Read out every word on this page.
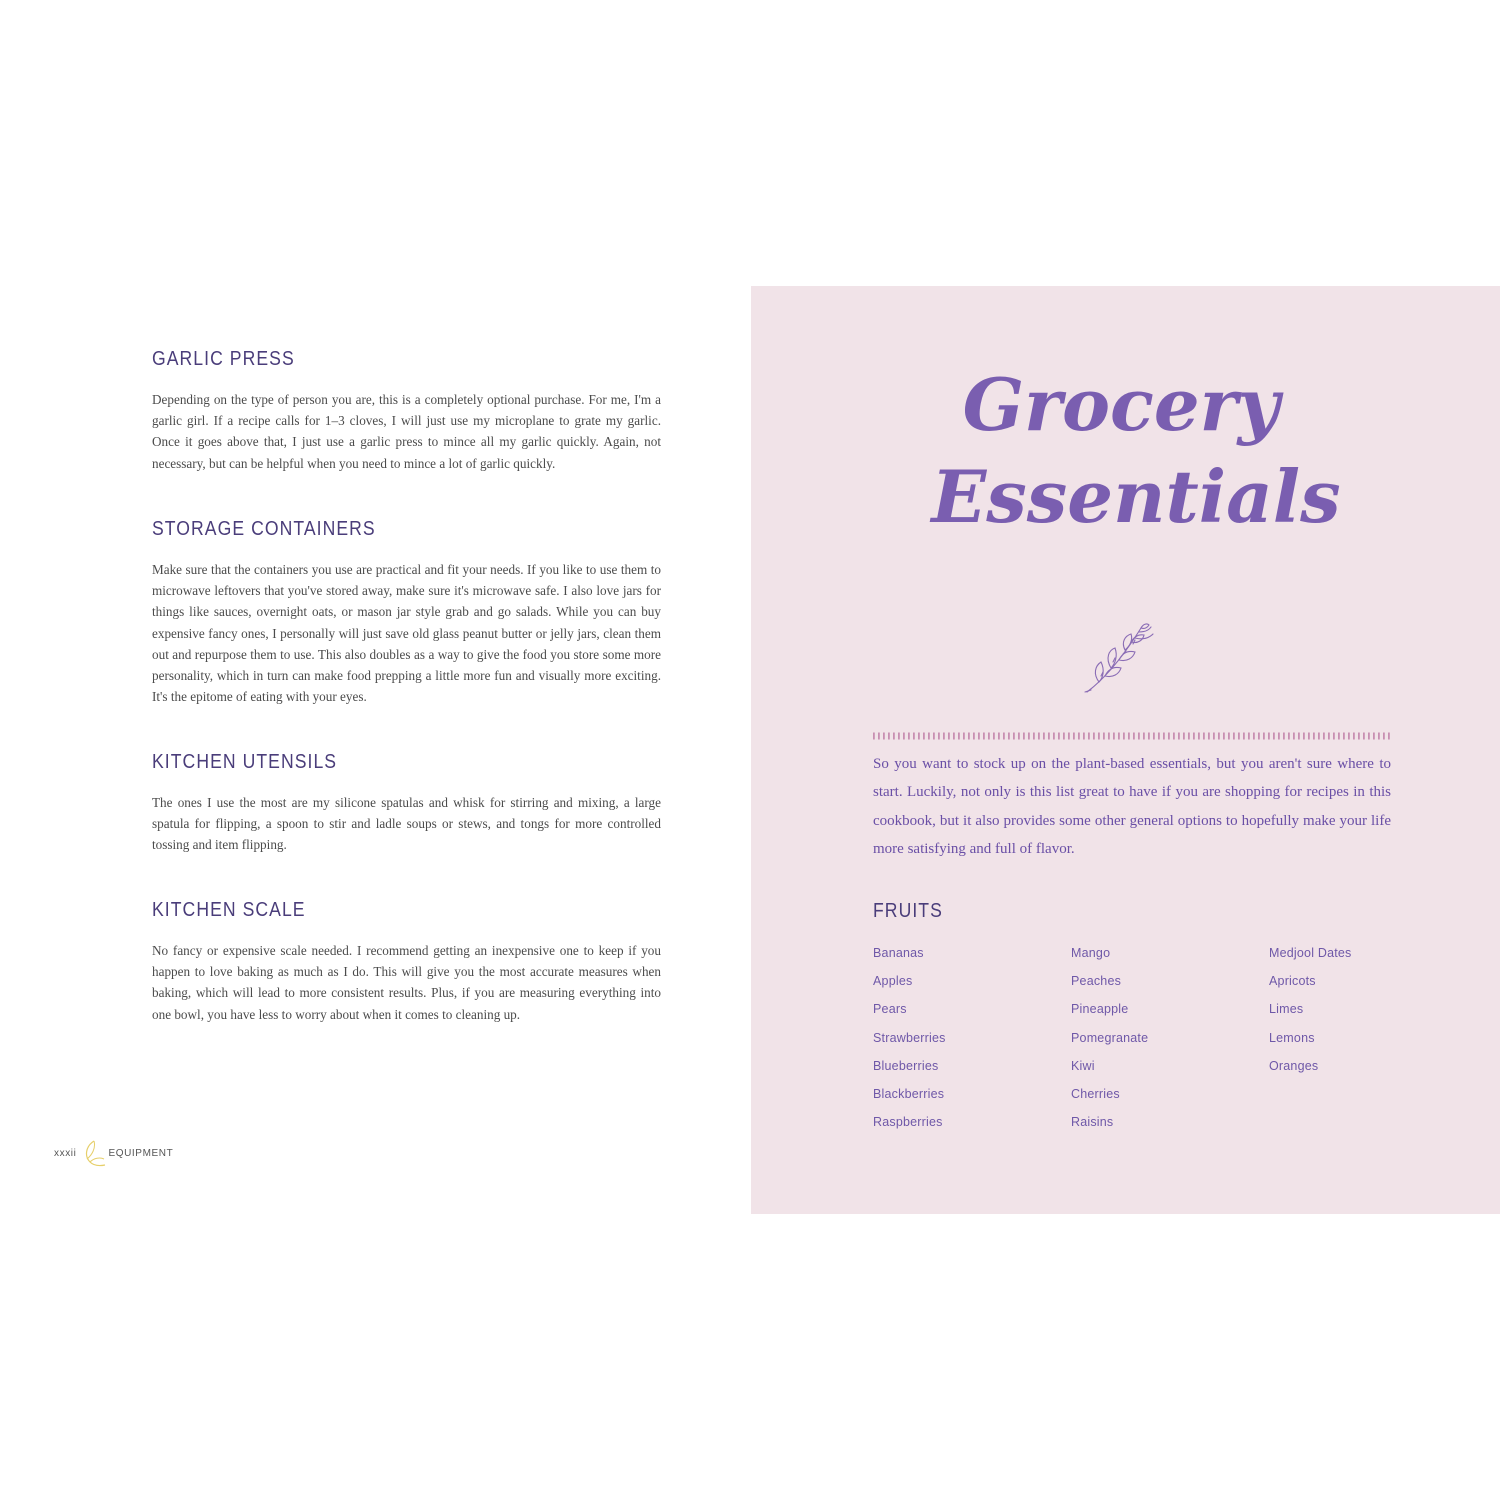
GARLIC PRESS

Depending on the type of person you are, this is a completely optional purchase. For me, I'm a garlic girl. If a recipe calls for 1–3 cloves, I will just use my microplane to grate my garlic. Once it goes above that, I just use a garlic press to mince all my garlic quickly. Again, not necessary, but can be helpful when you need to mince a lot of garlic quickly.

STORAGE CONTAINERS

Make sure that the containers you use are practical and fit your needs. If you like to use them to microwave leftovers that you've stored away, make sure it's microwave safe. I also love jars for things like sauces, overnight oats, or mason jar style grab and go salads. While you can buy expensive fancy ones, I personally will just save old glass peanut butter or jelly jars, clean them out and repurpose them to use. This also doubles as a way to give the food you store some more personality, which in turn can make food prepping a little more fun and visually more exciting. It's the epitome of eating with your eyes.

KITCHEN UTENSILS

The ones I use the most are my silicone spatulas and whisk for stirring and mixing, a large spatula for flipping, a spoon to stir and ladle soups or stews, and tongs for more controlled tossing and item flipping.

KITCHEN SCALE

No fancy or expensive scale needed. I recommend getting an inexpensive one to keep if you happen to love baking as much as I do. This will give you the most accurate measures when baking, which will lead to more consistent results. Plus, if you are measuring everything into one bowl, you have less to worry about when it comes to cleaning up.

xxxii	EQUIPMENT
Grocery
Essentials

So you want to stock up on the plant-based essentials, but you aren't sure where to start. Luckily, not only is this list great to have if you are shopping for recipes in this cookbook, but it also provides some other general options to hopefully make your life more satisfying and full of flavor.

FRUITS
Bananas
Apples
Pears
Strawberries
Blueberries
Blackberries
Raspberries
Mango
Peaches
Pineapple
Pomegranate
Kiwi
Cherries
Raisins
Medjool Dates
Apricots
Limes
Lemons
Oranges
